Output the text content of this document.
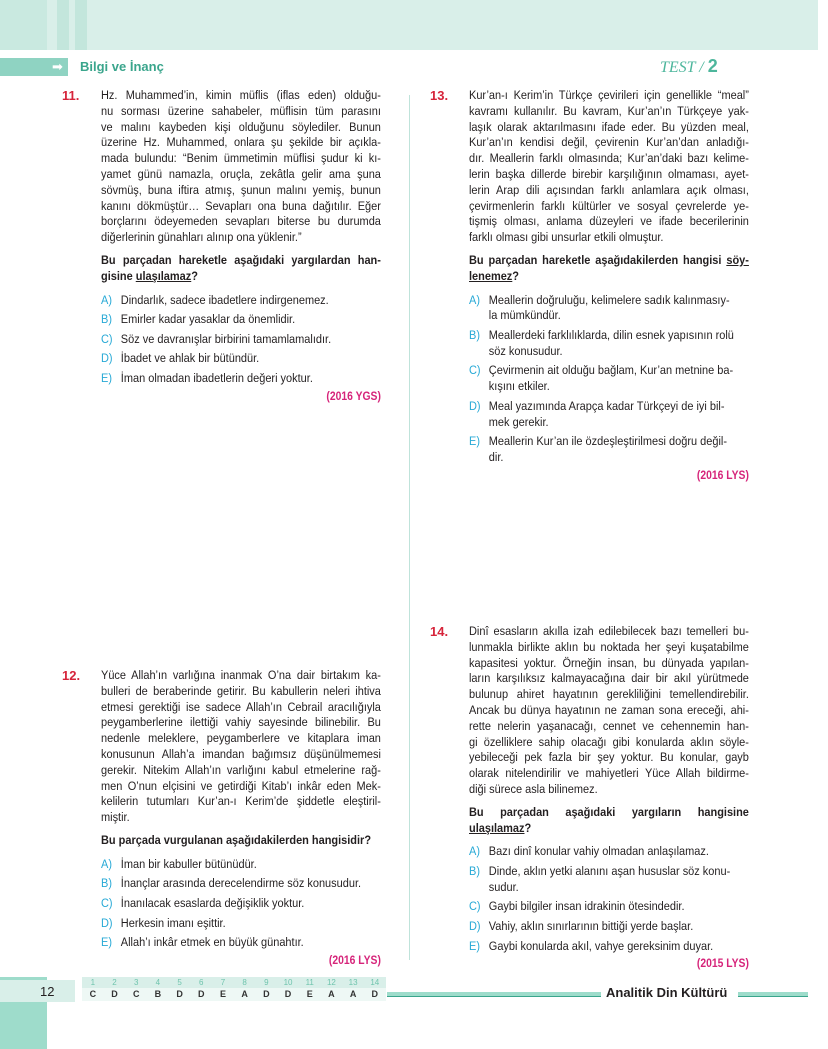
➡ Bilgi ve İnanç	TEST / 2
11. Hz. Muhammed’in, kimin müflis (iflas eden) olduğu-
nu sorması üzerine sahabeler, müflisin tüm parasını
ve malını kaybeden kişi olduğunu söylediler. Bunun
üzerine Hz. Muhammed, onlara şu şekilde bir açıkla-
mada bulundu: “Benim ümmetimin müflisi şudur ki kı-
yamet günü namazla, oruçla, zekâtla gelir ama şuna
sövmüş, buna iftira atmış, şunun malını yemiş, bunun
kanını dökmüştür… Sevapları ona buna dağıtılır. Eğer
borçlarını ödeyemeden sevapları biterse bu durumda
diğerlerinin günahları alınıp ona yüklenir.”
Bu parçadan hareketle aşağıdaki yargılardan han-
gisine ulaşılamaz?
A) Dindarlık, sadece ibadetlere indirgenemez.
B) Emirler kadar yasaklar da önemlidir.
C) Söz ve davranışlar birbirini tamamlamalıdır.
D) İbadet ve ahlak bir bütündür.
E) İman olmadan ibadetlerin değeri yoktur.
(2016 YGS)
12. Yüce Allah’ın varlığına inanmak O’na dair birtakım ka-
bulleri de beraberinde getirir. Bu kabullerin neleri ihtiva
etmesi gerektiği ise sadece Allah’ın Cebrail aracılığıyla
peygamberlerine ilettiği vahiy sayesinde bilinebilir. Bu
nedenle meleklere, peygamberlere ve kitaplara iman
konusunun Allah’a imandan bağımsız düşünülmemesi
gerekir. Nitekim Allah’ın varlığını kabul etmelerine rağ-
men O’nun elçisini ve getirdiği Kitab’ı inkâr eden Mek-
kelilerin tutumları Kur’an-ı Kerim’de şiddetle eleştiril-
miştir.
Bu parçada vurgulanan aşağıdakilerden hangisidir?
A) İman bir kabuller bütünüdür.
B) İnançlar arasında derecelendirme söz konusudur.
C) İnanılacak esaslarda değişiklik yoktur.
D) Herkesin imanı eşittir.
E) Allah’ı inkâr etmek en büyük günahtır.
(2016 LYS)
13. Kur’an-ı Kerim’in Türkçe çevirileri için genellikle “meal”
kavramı kullanılır. Bu kavram, Kur’an’ın Türkçeye yak-
laşık olarak aktarılmasını ifade eder. Bu yüzden meal,
Kur’an’ın kendisi değil, çevirenin Kur’an’dan anladığı-
dır. Meallerin farklı olmasında; Kur’an’daki bazı kelime-
lerin başka dillerde birebir karşılığının olmaması, ayet-
lerin Arap dili açısından farklı anlamlara açık olması,
çevirmenlerin farklı kültürler ve sosyal çevrelerde ye-
tişmiş olması, anlama düzeyleri ve ifade becerilerinin
farklı olması gibi unsurlar etkili olmuştur.
Bu parçadan hareketle aşağıdakilerden hangisi söy-
lenemez?
A) Meallerin doğruluğu, kelimelere sadık kalınmasıy-
la mümkündür.
B) Meallerdeki farklılıklarda, dilin esnek yapısının rolü
söz konusudur.
C) Çevirmenin ait olduğu bağlam, Kur’an metnine ba-
kışını etkiler.
D) Meal yazımında Arapça kadar Türkçeyi de iyi bil-
mek gerekir.
E) Meallerin Kur’an ile özdeşleştirilmesi doğru değil-
dir.
(2016 LYS)
14. Dinî esasların akılla izah edilebilecek bazı temelleri bu-
lunmakla birlikte aklın bu noktada her şeyi kuşatabilme
kapasitesi yoktur. Örneğin insan, bu dünyada yapılan-
ların karşılıksız kalmayacağına dair bir akıl yürütmede
bulunup ahiret hayatının gerekliliğini temellendirebilir.
Ancak bu dünya hayatının ne zaman sona ereceği, ahi-
rette nelerin yaşanacağı, cennet ve cehennemin han-
gi özelliklere sahip olacağı gibi konularda aklın söyle-
yebileceği pek fazla bir şey yoktur. Bu konular, gayb
olarak nitelendirilir ve mahiyetleri Yüce Allah bildirme-
diği sürece asla bilinemez.
Bu parçadan aşağıdaki yargıların hangisine
ulaşılamaz?
A) Bazı dinî konular vahiy olmadan anlaşılamaz.
B) Dinde, aklın yetki alanını aşan hususlar söz konu-
sudur.
C) Gaybi bilgiler insan idrakinin ötesindedir.
D) Vahiy, aklın sınırlarının bittiği yerde başlar.
E) Gaybi konularda akıl, vahye gereksinim duyar.
(2015 LYS)
12
1
C
2
D
3
C
4
B
5
D
6
D
7
E
8
A
9
D
10
D
11
E
12
A
13
A
14
D	Analitik Din Kültürü
